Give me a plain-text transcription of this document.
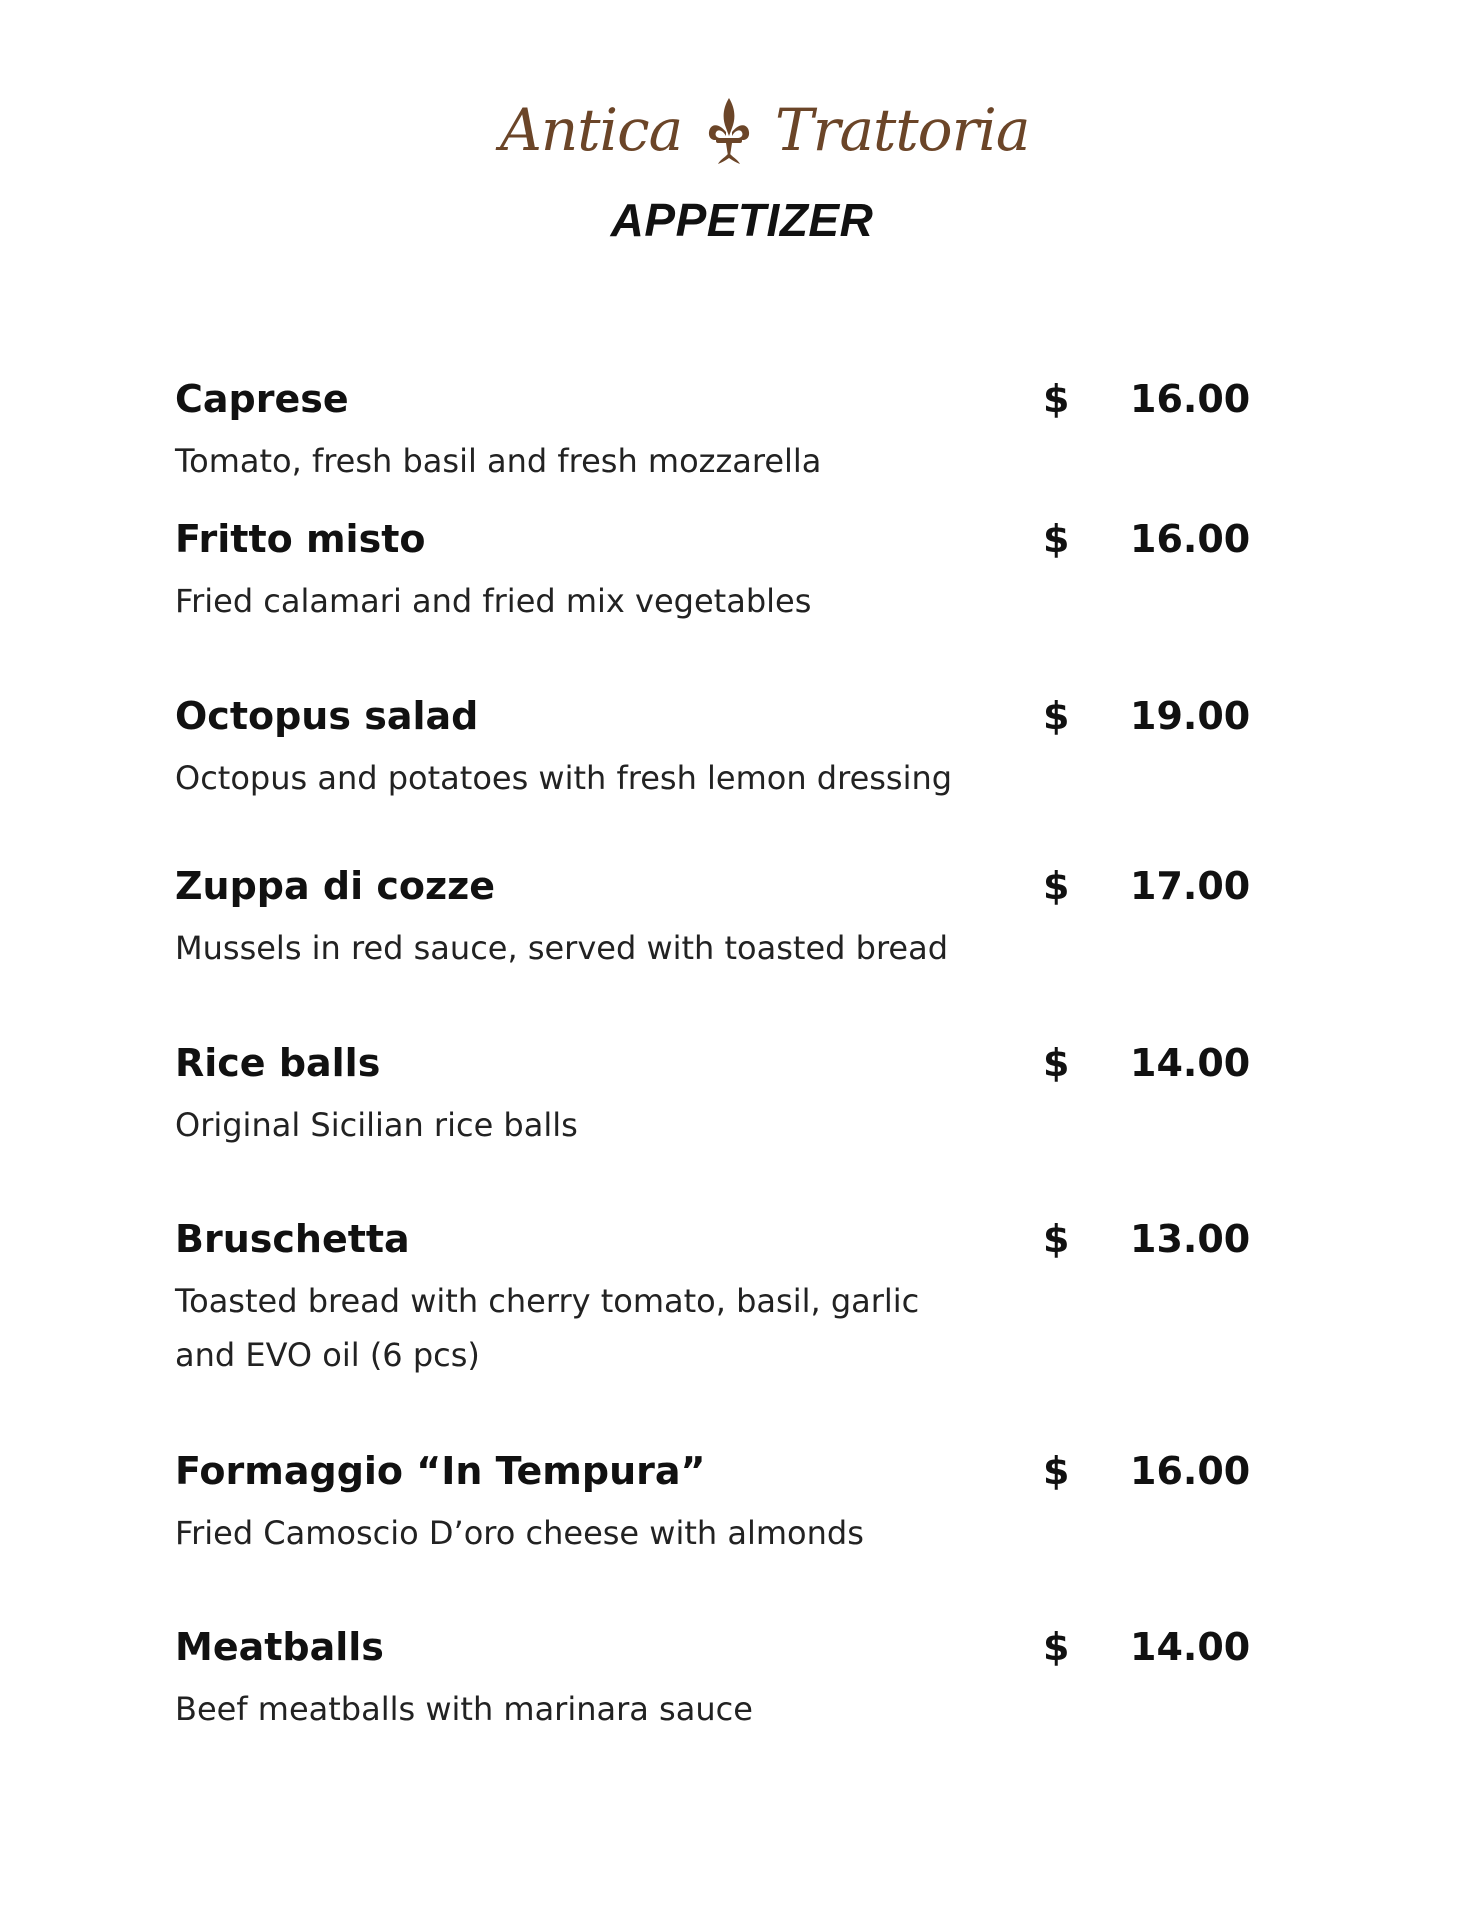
Antica Trattoria
APPETIZER
Caprese
Tomato, fresh basil and fresh mozzarella
$ 16.00
Fritto misto
Fried calamari and fried mix vegetables
$ 16.00
Octopus salad
Octopus and potatoes with fresh lemon dressing
$ 19.00
Zuppa di cozze
Mussels in red sauce, served with toasted bread
$ 17.00
Rice balls
Original Sicilian rice balls
$ 14.00
Bruschetta
Toasted bread with cherry tomato, basil, garlic and EVO oil (6 pcs)
$ 13.00
Formaggio “In Tempura”
Fried Camoscio D’oro cheese with almonds
$ 16.00
Meatballs
Beef meatballs with marinara sauce
$ 14.00
